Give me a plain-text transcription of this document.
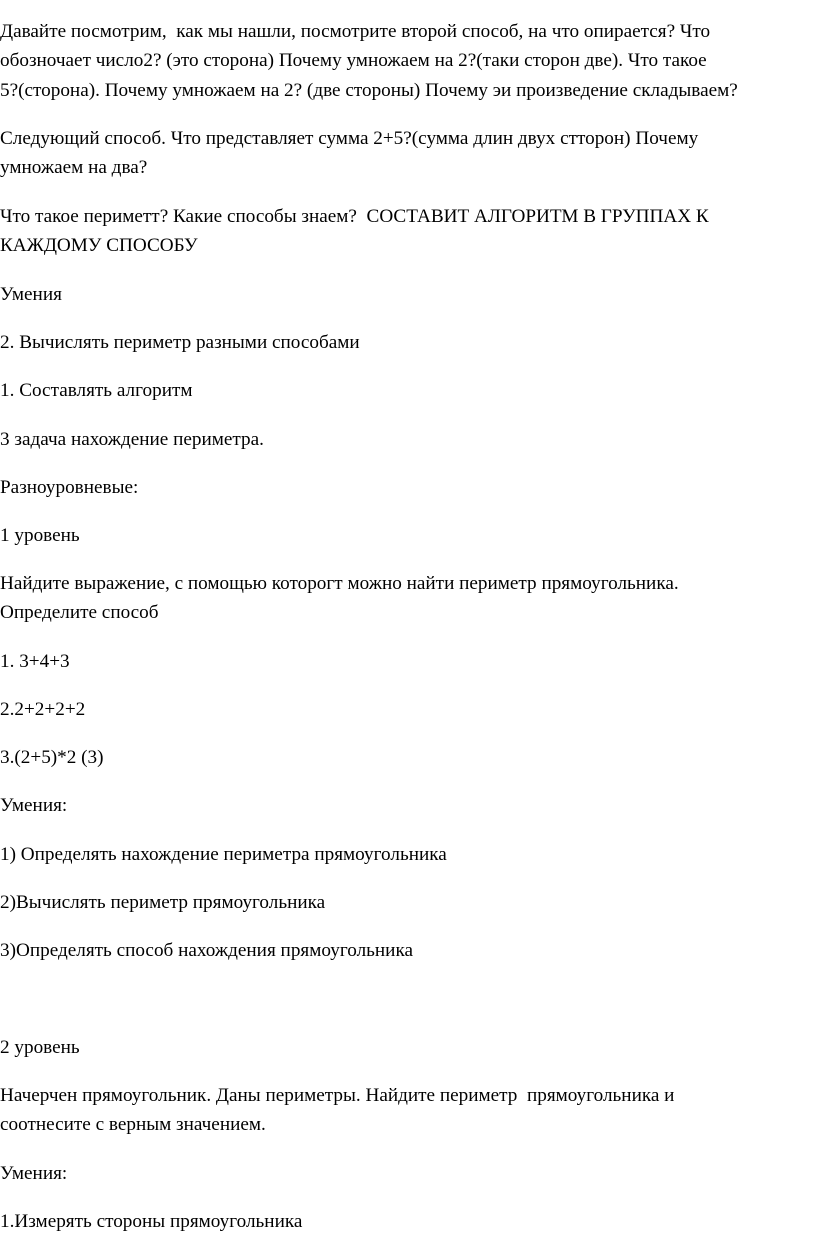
Давайте посмотрим,  как мы нашли, посмотрите второй способ, на что опирается? Что
обозночает число2? (это сторона) Почему умножаем на 2?(таки сторон две). Что такое
5?(сторона). Почему умножаем на 2? (две стороны) Почему эи произведение складываем?
Следующий способ. Что представляет сумма 2+5?(сумма длин двух стторон) Почему
умножаем на два?
Что такое периметт? Какие способы знаем?  СОСТАВИТ АЛГОРИТМ В ГРУППАХ К
КАЖДОМУ СПОСОБУ
Умения
2. Вычислять периметр разными способами
1. Составлять алгоритм
3 задача нахождение периметра.
Разноуровневые:
1 уровень
Найдите выражение, с помощью которогт можно найти периметр прямоугольника.
Определите способ
1. 3+4+3
2.2+2+2+2
3.(2+5)*2 (3)
Умения:
1) Определять нахождение периметра прямоугольника
2)Вычислять периметр прямоугольника
3)Определять способ нахождения прямоугольника
2 уровень
Начерчен прямоугольник. Даны периметры. Найдите периметр  прямоугольника и
соотнесите с верным значением.
Умения:
1.Измерять стороны прямоугольника
